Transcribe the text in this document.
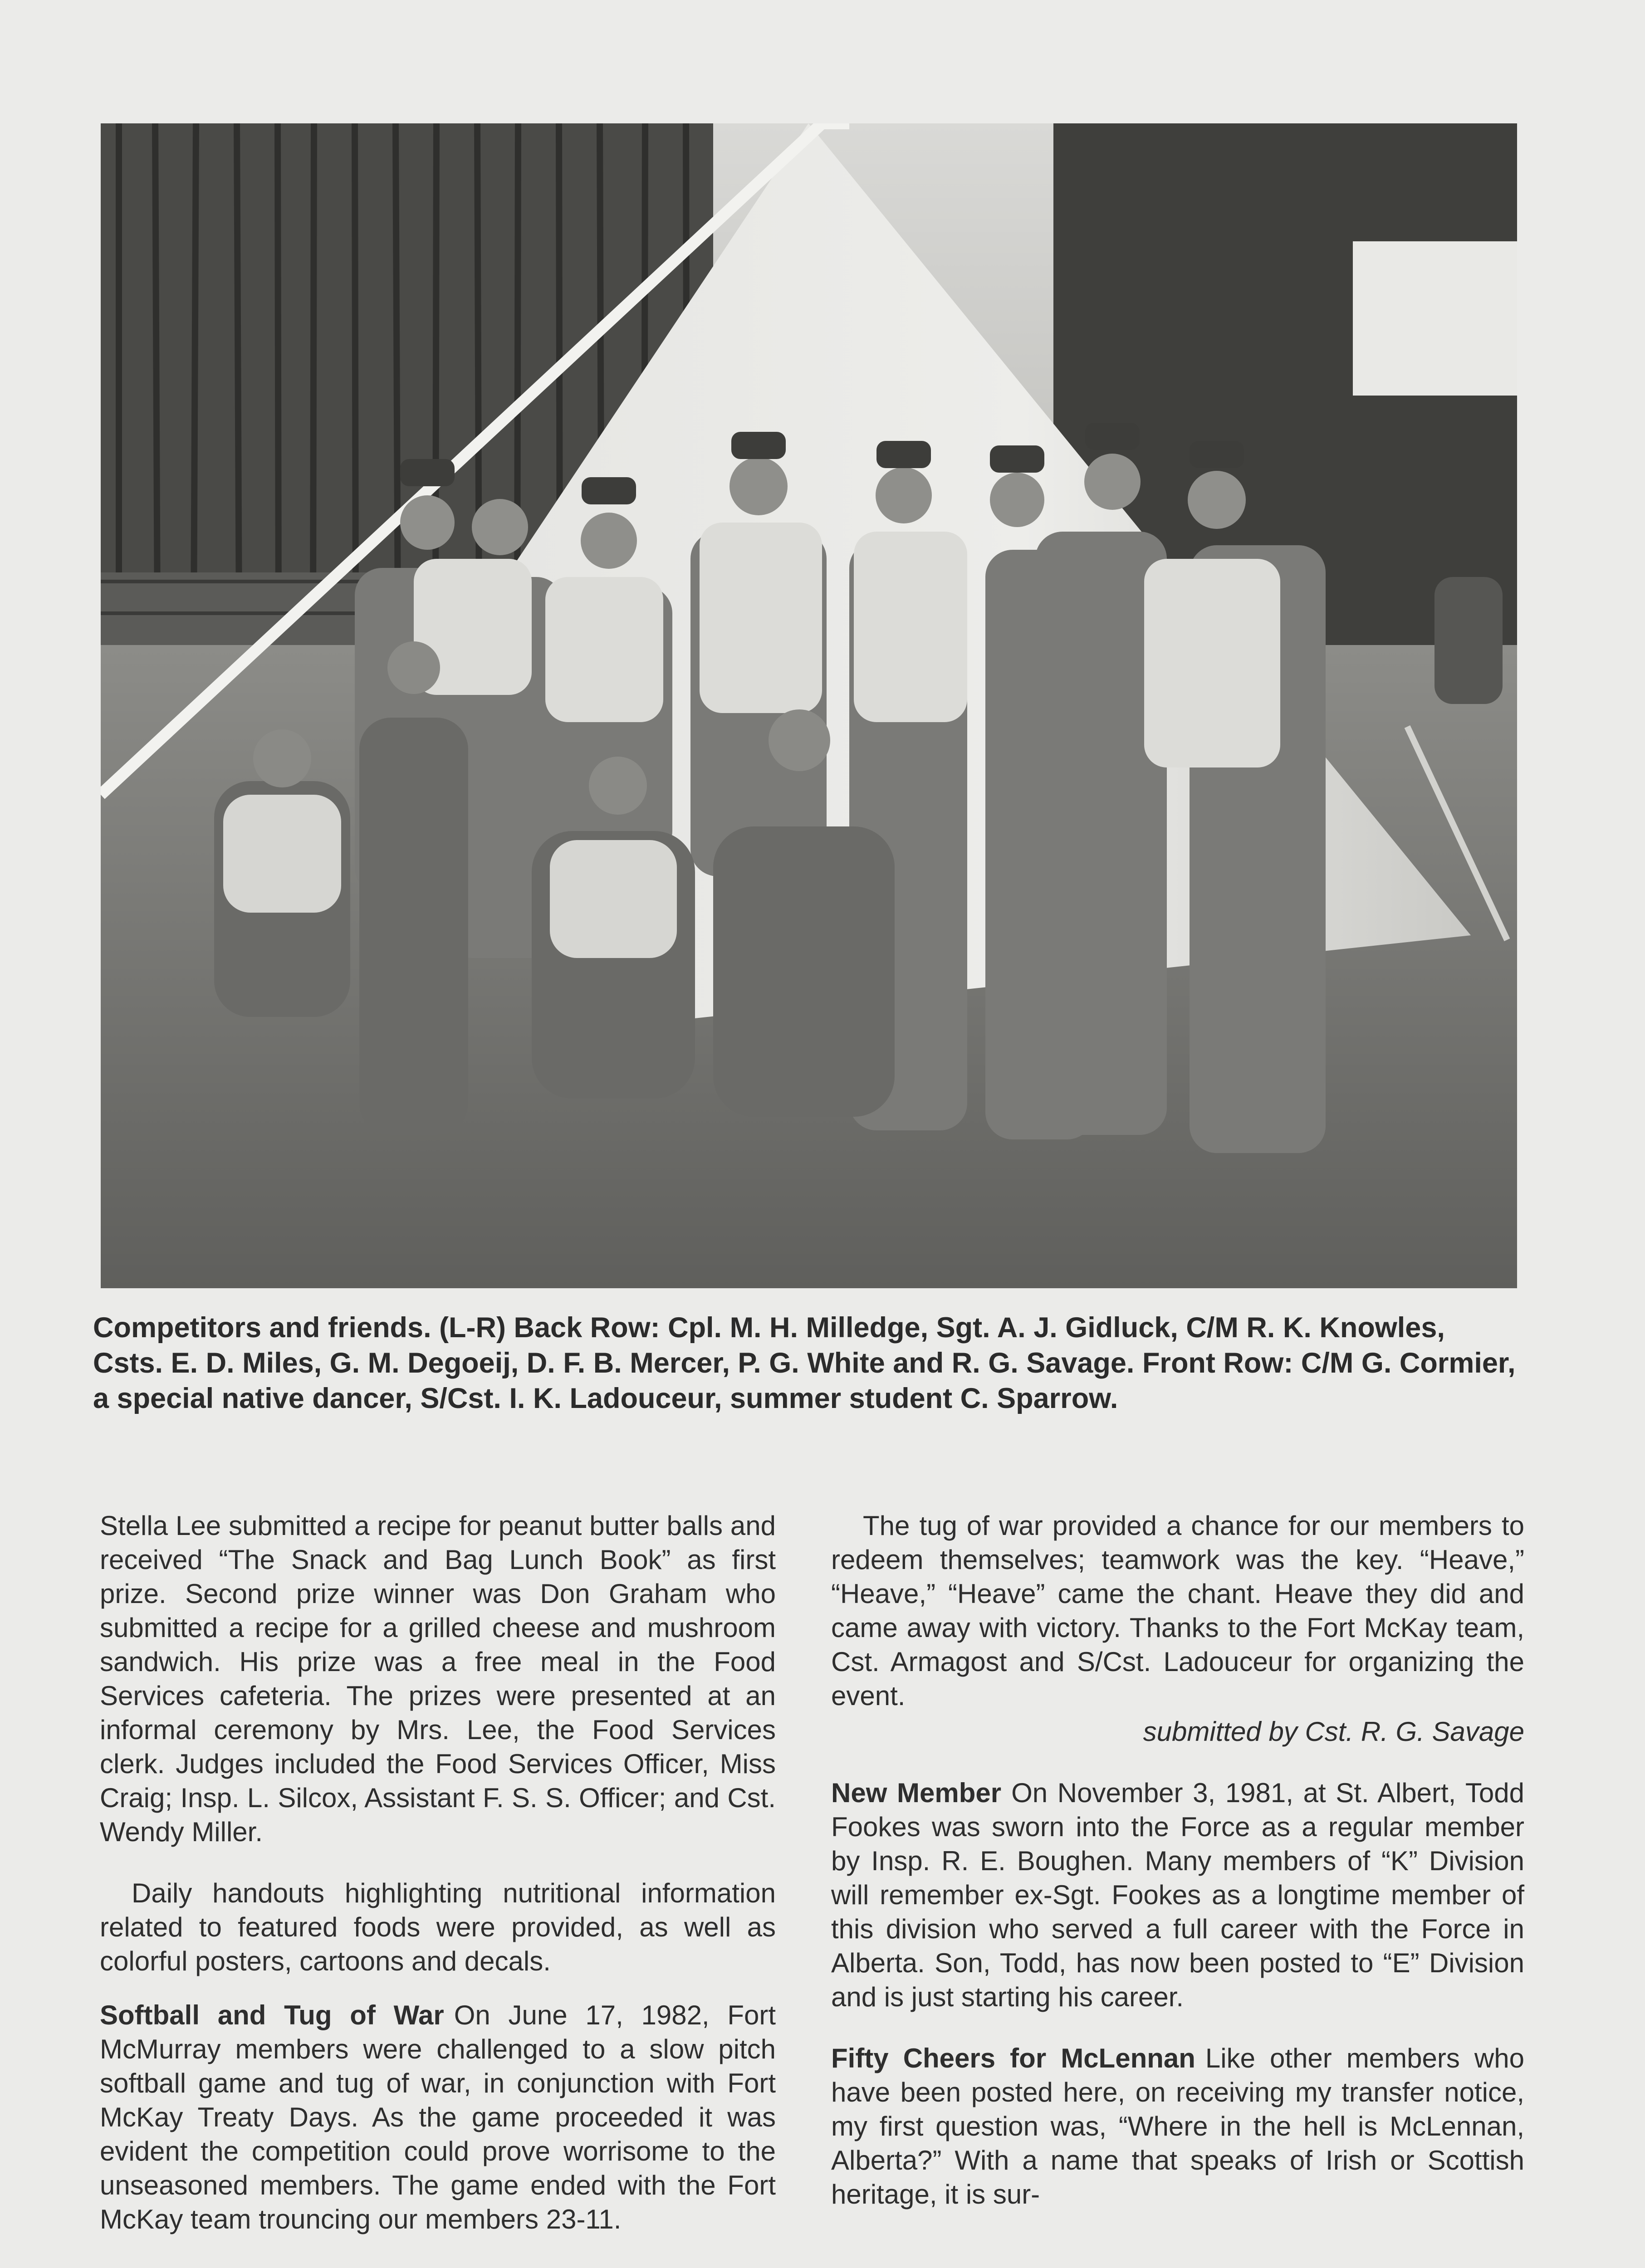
Competitors and friends. (L-R) Back Row: Cpl. M. H. Milledge, Sgt. A. J. Gidluck, C/M R. K. Knowles, Csts. E. D. Miles, G. M. Degoeij, D. F. B. Mercer, P. G. White and R. G. Savage. Front Row: C/M G. Cormier, a special native dancer, S/Cst. I. K. Ladouceur, summer student C. Sparrow.

Stella Lee submitted a recipe for peanut butter balls and received “The Snack and Bag Lunch Book” as first prize. Second prize winner was Don Graham who submitted a recipe for a grilled cheese and mushroom sandwich. His prize was a free meal in the Food Services cafeteria. The prizes were presented at an informal ceremony by Mrs. Lee, the Food Services clerk. Judges included the Food Services Officer, Miss Craig; Insp. L. Silcox, Assistant F. S. S. Officer; and Cst. Wendy Miller.

Daily handouts highlighting nutritional information related to featured foods were provided, as well as colorful posters, cartoons and decals.

Softball and Tug of War On June 17, 1982, Fort McMurray members were challenged to a slow pitch softball game and tug of war, in conjunction with Fort McKay Treaty Days. As the game proceeded it was evident the competition could prove worrisome to the unseasoned members. The game ended with the Fort McKay team trouncing our members 23-11.

The tug of war provided a chance for our members to redeem themselves; teamwork was the key. “Heave,” “Heave,” “Heave” came the chant. Heave they did and came away with victory. Thanks to the Fort McKay team, Cst. Armagost and S/Cst. Ladouceur for organizing the event.

submitted by Cst. R. G. Savage

New Member On November 3, 1981, at St. Albert, Todd Fookes was sworn into the Force as a regular member by Insp. R. E. Boughen. Many members of “K” Division will remember ex-Sgt. Fookes as a longtime member of this division who served a full career with the Force in Alberta. Son, Todd, has now been posted to “E” Division and is just starting his career.

Fifty Cheers for McLennan Like other members who have been posted here, on receiving my transfer notice, my first question was, “Where in the hell is McLennan, Alberta?” With a name that speaks of Irish or Scottish heritage, it is sur-
